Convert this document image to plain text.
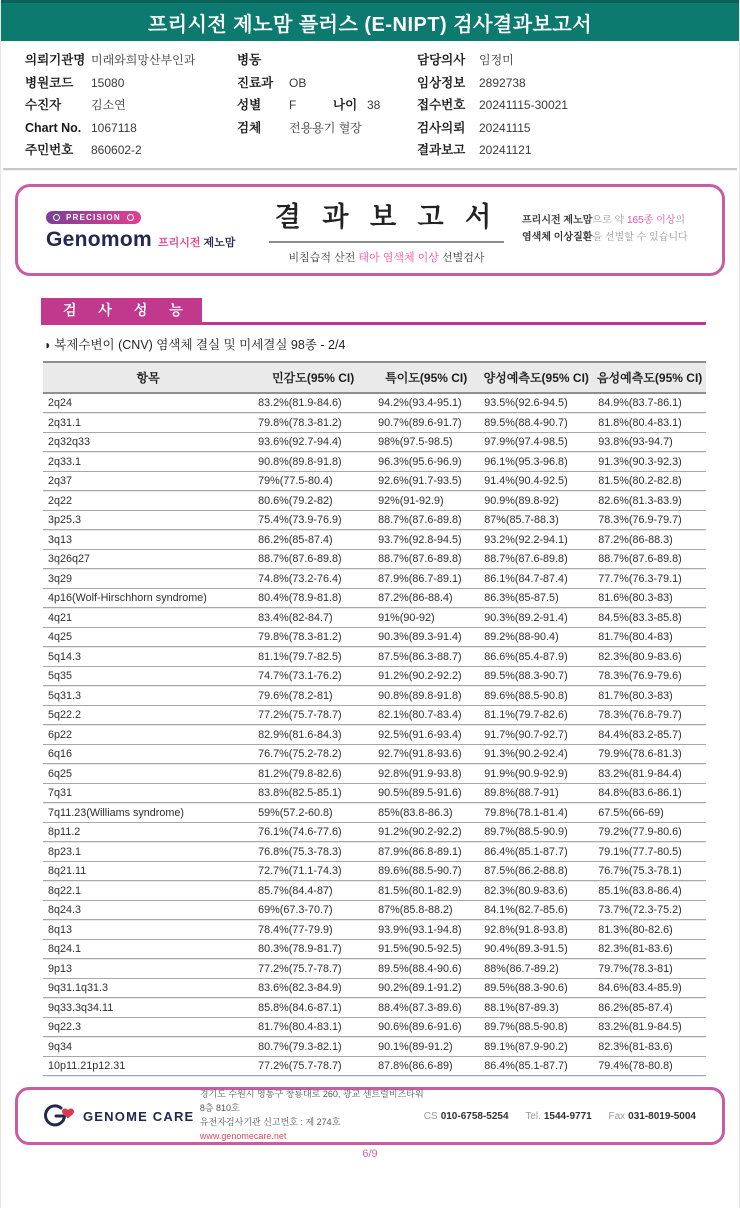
프리시전 제노맘 플러스 (E-NIPT) 검사결과보고서
의뢰기관명 미래와희망산부인과
병원코드	15080
수진자	김소연
Chart No. 1067118
주민번호	860602-2
병동
진료과	OB
성별	F	나이 38
검체	전용용기 혈장
담당의사	임정미
임상정보	2892738
접수번호	20241115-30021
검사의뢰	20241115
결과보고	20241121
PRECISION
Genomom 프리시전 제노맘
결 과 보 고 서
비침습적 산전 태아 염색체 이상 선별검사
프리시전 제노맘으로 약 165종 이상의
염색체 이상질환을 선별할 수 있습니다
검 사 성 능
◑ 복제수변이 (CNV) 염색체 결실 및 미세결실 98종 - 2/4
항목	민감도(95% CI)	특이도(95% CI)	양성예측도(95% CI)	음성예측도(95% CI)
2q24	83.2%(81.9-84.6)	94.2%(93.4-95.1)	93.5%(92.6-94.5)	84.9%(83.7-86.1)
2q31.1	79.8%(78.3-81.2)	90.7%(89.6-91.7)	89.5%(88.4-90.7)	81.8%(80.4-83.1)
2q32q33	93.6%(92.7-94.4)	98%(97.5-98.5)	97.9%(97.4-98.5)	93.8%(93-94.7)
2q33.1	90.8%(89.8-91.8)	96.3%(95.6-96.9)	96.1%(95.3-96.8)	91.3%(90.3-92.3)
2q37	79%(77.5-80.4)	92.6%(91.7-93.5)	91.4%(90.4-92.5)	81.5%(80.2-82.8)
2q22	80.6%(79.2-82)	92%(91-92.9)	90.9%(89.8-92)	82.6%(81.3-83.9)
3p25.3	75.4%(73.9-76.9)	88.7%(87.6-89.8)	87%(85.7-88.3)	78.3%(76.9-79.7)
3q13	86.2%(85-87.4)	93.7%(92.8-94.5)	93.2%(92.2-94.1)	87.2%(86-88.3)
3q26q27	88.7%(87.6-89.8)	88.7%(87.6-89.8)	88.7%(87.6-89.8)	88.7%(87.6-89.8)
3q29	74.8%(73.2-76.4)	87.9%(86.7-89.1)	86.1%(84.7-87.4)	77.7%(76.3-79.1)
4p16(Wolf-Hirschhorn syndrome)	80.4%(78.9-81.8)	87.2%(86-88.4)	86.3%(85-87.5)	81.6%(80.3-83)
4q21	83.4%(82-84.7)	91%(90-92)	90.3%(89.2-91.4)	84.5%(83.3-85.8)
4q25	79.8%(78.3-81.2)	90.3%(89.3-91.4)	89.2%(88-90.4)	81.7%(80.4-83)
5q14.3	81.1%(79.7-82.5)	87.5%(86.3-88.7)	86.6%(85.4-87.9)	82.3%(80.9-83.6)
5q35	74.7%(73.1-76.2)	91.2%(90.2-92.2)	89.5%(88.3-90.7)	78.3%(76.9-79.6)
5q31.3	79.6%(78.2-81)	90.8%(89.8-91.8)	89.6%(88.5-90.8)	81.7%(80.3-83)
5q22.2	77.2%(75.7-78.7)	82.1%(80.7-83.4)	81.1%(79.7-82.6)	78.3%(76.8-79.7)
6p22	82.9%(81.6-84.3)	92.5%(91.6-93.4)	91.7%(90.7-92.7)	84.4%(83.2-85.7)
6q16	76.7%(75.2-78.2)	92.7%(91.8-93.6)	91.3%(90.2-92.4)	79.9%(78.6-81.3)
6q25	81.2%(79.8-82.6)	92.8%(91.9-93.8)	91.9%(90.9-92.9)	83.2%(81.9-84.4)
7q31	83.8%(82.5-85.1)	90.5%(89.5-91.6)	89.8%(88.7-91)	84.8%(83.6-86.1)
7q11.23(Williams syndrome)	59%(57.2-60.8)	85%(83.8-86.3)	79.8%(78.1-81.4)	67.5%(66-69)
8p11.2	76.1%(74.6-77.6)	91.2%(90.2-92.2)	89.7%(88.5-90.9)	79.2%(77.9-80.6)
8p23.1	76.8%(75.3-78.3)	87.9%(86.8-89.1)	86.4%(85.1-87.7)	79.1%(77.7-80.5)
8q21.11	72.7%(71.1-74.3)	89.6%(88.5-90.7)	87.5%(86.2-88.8)	76.7%(75.3-78.1)
8q22.1	85.7%(84.4-87)	81.5%(80.1-82.9)	82.3%(80.9-83.6)	85.1%(83.8-86.4)
8q24.3	69%(67.3-70.7)	87%(85.8-88.2)	84.1%(82.7-85.6)	73.7%(72.3-75.2)
8q13	78.4%(77-79.9)	93.9%(93.1-94.8)	92.8%(91.8-93.8)	81.3%(80-82.6)
8q24.1	80.3%(78.9-81.7)	91.5%(90.5-92.5)	90.4%(89.3-91.5)	82.3%(81-83.6)
9p13	77.2%(75.7-78.7)	89.5%(88.4-90.6)	88%(86.7-89.2)	79.7%(78.3-81)
9q31.1q31.3	83.6%(82.3-84.9)	90.2%(89.1-91.2)	89.5%(88.3-90.6)	84.6%(83.4-85.9)
9q33.3q34.11	85.8%(84.6-87.1)	88.4%(87.3-89.6)	88.1%(87-89.3)	86.2%(85-87.4)
9q22.3	81.7%(80.4-83.1)	90.6%(89.6-91.6)	89.7%(88.5-90.8)	83.2%(81.9-84.5)
9q34	80.7%(79.3-82.1)	90.1%(89-91.2)	89.1%(87.9-90.2)	82.3%(81-83.6)
10p11.21p12.31	77.2%(75.7-78.7)	87.8%(86.6-89)	86.4%(85.1-87.7)	79.4%(78-80.8)
GENOME CARE
경기도 수원시 영통구 창룡대로 260, 광교 센트럴비즈타워 8층 810호
유전자검사기관 신고번호 : 제 274호
www.genomecare.net
CS 010-6758-5254 Tel. 1544-9771 Fax 031-8019-5004
6/9
